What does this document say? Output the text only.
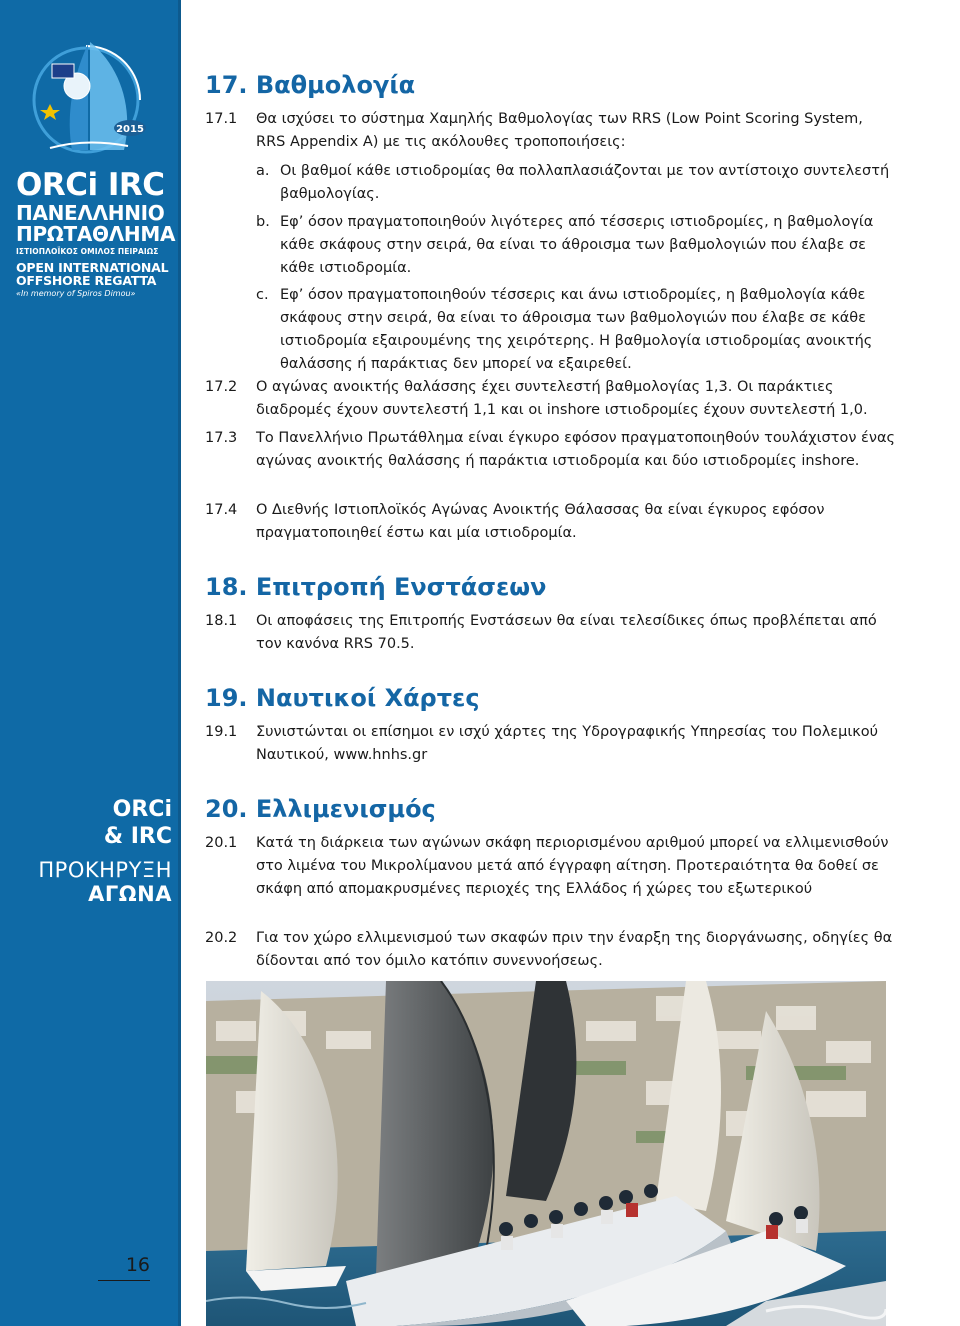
2015
ORCi IRC
ΠΑΝΕΛΛΗΝΙΟ
ΠΡΩΤΑΘΛΗΜΑ
ΙΣΤΙΟΠΛΟΪΚΟΣ ΟΜΙΛΟΣ ΠΕΙΡΑΙΩΣ
OPEN INTERNATIONAL
OFFSHORE REGATTA
«In memory of Spiros Dimou»
ORCi
& IRC
ΠΡΟΚΗΡΥΞΗ
ΑΓΩΝΑ
16
17. Βαθμολογία
17.1 Θα ισχύσει το σύστημα Χαμηλής Βαθμολογίας των RRS (Low Point Scoring System, RRS Appendix A) με τις ακόλουθες τροποποιήσεις:

a. Οι βαθμοί κάθε ιστιοδρομίας θα πολλαπλασιάζονται με τον αντίστοιχο συντελεστή βαθμολογίας.

b. Εφ’ όσον πραγματοποιηθούν λιγότερες από τέσσερις ιστιοδρομίες, η βαθμολογία κάθε σκάφους στην σειρά, θα είναι το άθροισμα των βαθμολογιών που έλαβε σε κάθε ιστιοδρομία.

c. Εφ’ όσον πραγματοποιηθούν τέσσερις και άνω ιστιοδρομίες, η βαθμολογία κάθε σκάφους στην σειρά, θα είναι το άθροισμα των βαθμολογιών που έλαβε σε κάθε ιστιοδρομία εξαιρουμένης της χειρότερης. Η βαθμολογία ιστιοδρομίας ανοικτής θαλάσσης ή παράκτιας δεν μπορεί να εξαιρεθεί.

17.2 Ο αγώνας ανοικτής θαλάσσης έχει συντελεστή βαθμολογίας 1,3. Οι παράκτιες διαδρομές έχουν συντελεστή 1,1 και οι inshore ιστιοδρομίες έχουν συντελεστή 1,0.

17.3 Το Πανελλήνιο Πρωτάθλημα είναι έγκυρο εφόσον πραγματοποιηθούν τουλάχιστον ένας αγώνας ανοικτής θαλάσσης ή παράκτια ιστιοδρομία και δύο ιστιοδρομίες inshore.

17.4 Ο Διεθνής Ιστιοπλοϊκός Αγώνας Ανοικτής Θάλασσας θα είναι έγκυρος εφόσον πραγματοποιηθεί έστω και μία ιστιοδρομία.

18. Επιτροπή Ενστάσεων
18.1 Οι αποφάσεις της Επιτροπής Ενστάσεων θα είναι τελεσίδικες όπως προβλέπεται από τον κανόνα RRS 70.5.

19. Ναυτικοί Χάρτες
19.1 Συνιστώνται οι επίσημοι εν ισχύ χάρτες της Υδρογραφικής Υπηρεσίας του Πολεμικού Ναυτικού, www.hnhs.gr

20. Ελλιμενισμός
20.1 Κατά τη διάρκεια των αγώνων σκάφη περιορισμένου αριθμού μπορεί να ελλιμενισθούν στο λιμένα του Μικρολίμανου μετά από έγγραφη αίτηση. Προτεραιότητα θα δοθεί σε σκάφη από απομακρυσμένες περιοχές της Ελλάδος ή χώρες του εξωτερικού

20.2 Για τον χώρο ελλιμενισμού των σκαφών πριν την έναρξη της διοργάνωσης, οδηγίες θα δίδονται από τον όμιλο κατόπιν συνεννοήσεως.
